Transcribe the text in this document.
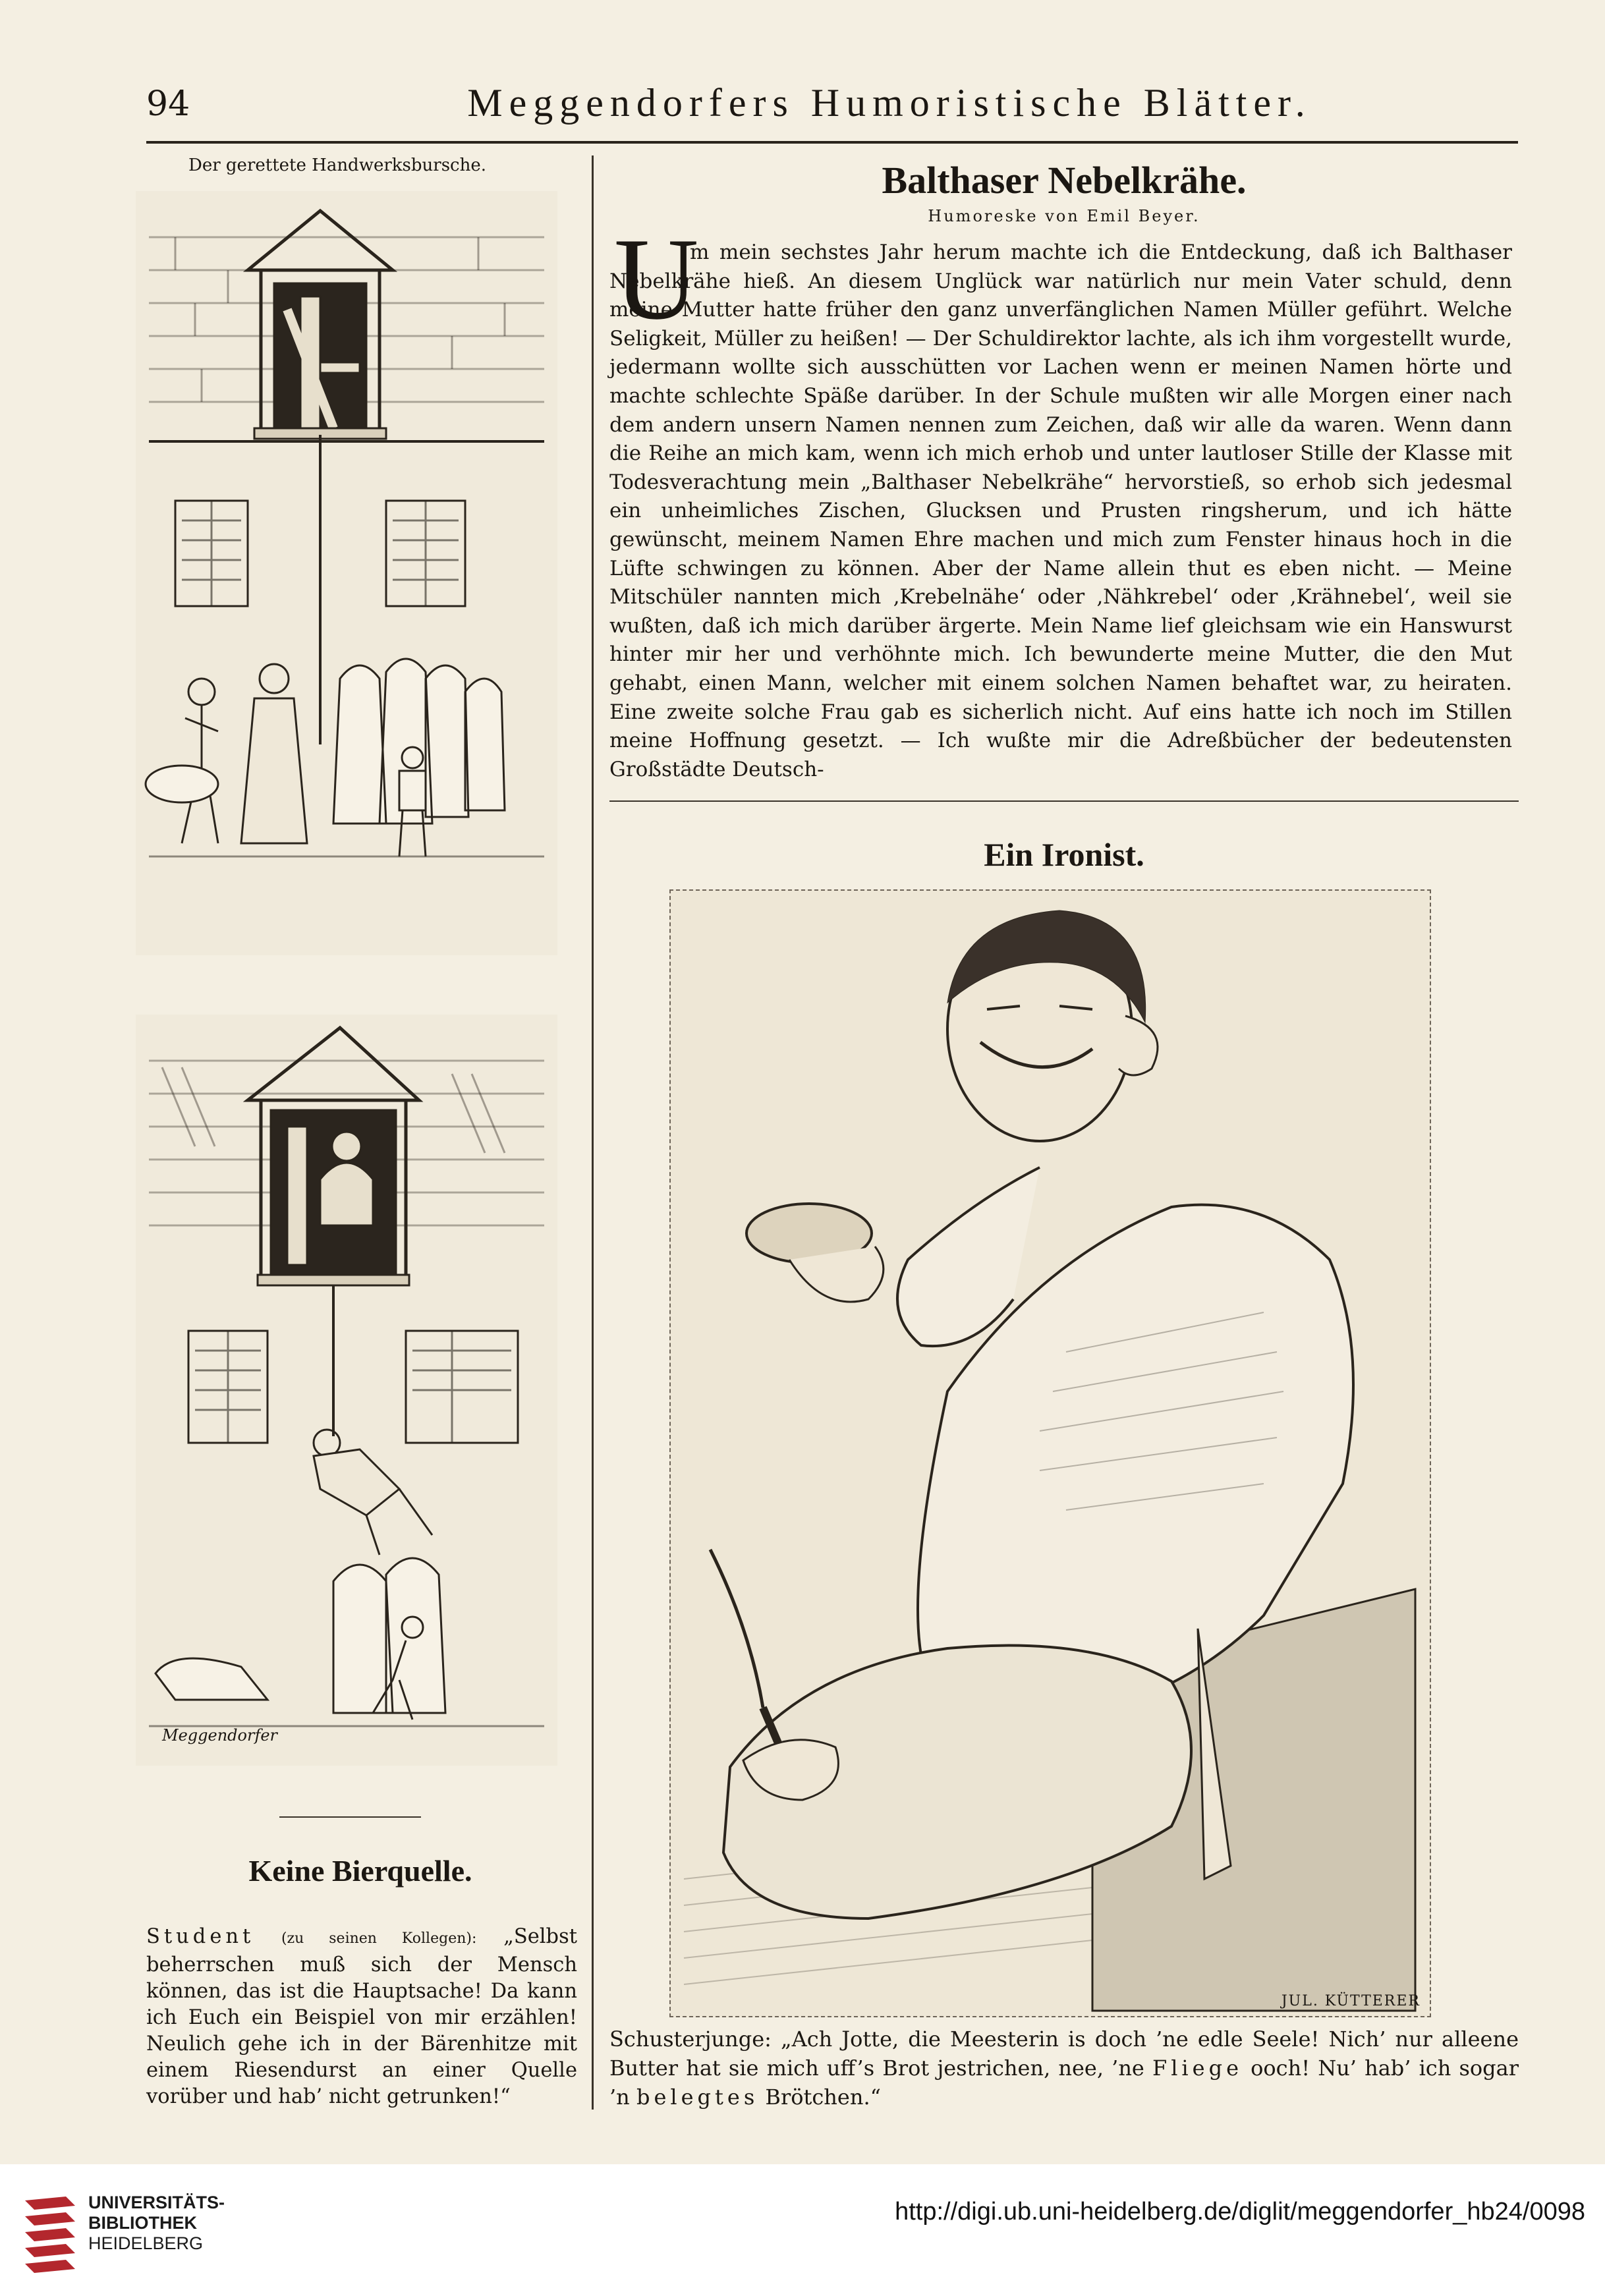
94	Meggendorfers Humoristische Blätter.
Der gerettete Handwerksbursche.
Meggendorfer
Keine Bierquelle.
Student (zu seinen Kollegen): „Selbst beherrschen muß sich der Mensch können, das ist die Hauptsache! Da kann ich Euch ein Beispiel von mir erzählen! Neulich gehe ich in der Bärenhitze mit einem Riesendurst an einer Quelle vorüber und hab’ nicht getrunken!“
Balthaser Nebelkrähe.
Humoreske von Emil Beyer.
U
m mein sechstes Jahr herum machte ich die Entdeckung, daß ich Balthaser Nebelkrähe hieß. An diesem Unglück war natürlich nur mein Vater schuld, denn meine Mutter hatte früher den ganz unverfänglichen Namen Müller geführt. Welche Seligkeit, Müller zu heißen! — Der Schuldirektor lachte, als ich ihm vorgestellt wurde, jedermann wollte sich ausschütten vor Lachen wenn er meinen Namen hörte und machte schlechte Späße darüber. In der Schule mußten wir alle Morgen einer nach dem andern unsern Namen nennen zum Zeichen, daß wir alle da waren. Wenn dann die Reihe an mich kam, wenn ich mich erhob und unter lautloser Stille der Klasse mit Todesverachtung mein „Balthaser Nebelkrähe“ hervorstieß, so erhob sich jedesmal ein unheimliches Zischen, Glucksen und Prusten ringsherum, und ich hätte gewünscht, meinem Namen Ehre machen und mich zum Fenster hinaus hoch in die Lüfte schwingen zu können. Aber der Name allein thut es eben nicht. — Meine Mitschüler nannten mich ‚Krebelnähe‘ oder ‚Nähkrebel‘ oder ‚Krähnebel‘, weil sie wußten, daß ich mich darüber ärgerte. Mein Name lief gleichsam wie ein Hanswurst hinter mir her und verhöhnte mich. Ich bewunderte meine Mutter, die den Mut gehabt, einen Mann, welcher mit einem solchen Namen behaftet war, zu heiraten. Eine zweite solche Frau gab es sicherlich nicht. Auf eins hatte ich noch im Stillen meine Hoffnung gesetzt. — Ich wußte mir die Adreßbücher der bedeutensten Großstädte Deutsch-
Ein Ironist.
JUL. KÜTTERER
Schusterjunge: „Ach Jotte, die Meesterin is doch ’ne edle Seele! Nich’ nur alleene Butter hat sie mich uff’s Brot jestrichen, nee, ’ne Fliege ooch! Nu’ hab’ ich sogar ’n belegtes Brötchen.“
UNIVERSITÄTS-
BIBLIOTHEK
HEIDELBERG
http://digi.ub.uni-heidelberg.de/diglit/meggendorfer_hb24/0098
